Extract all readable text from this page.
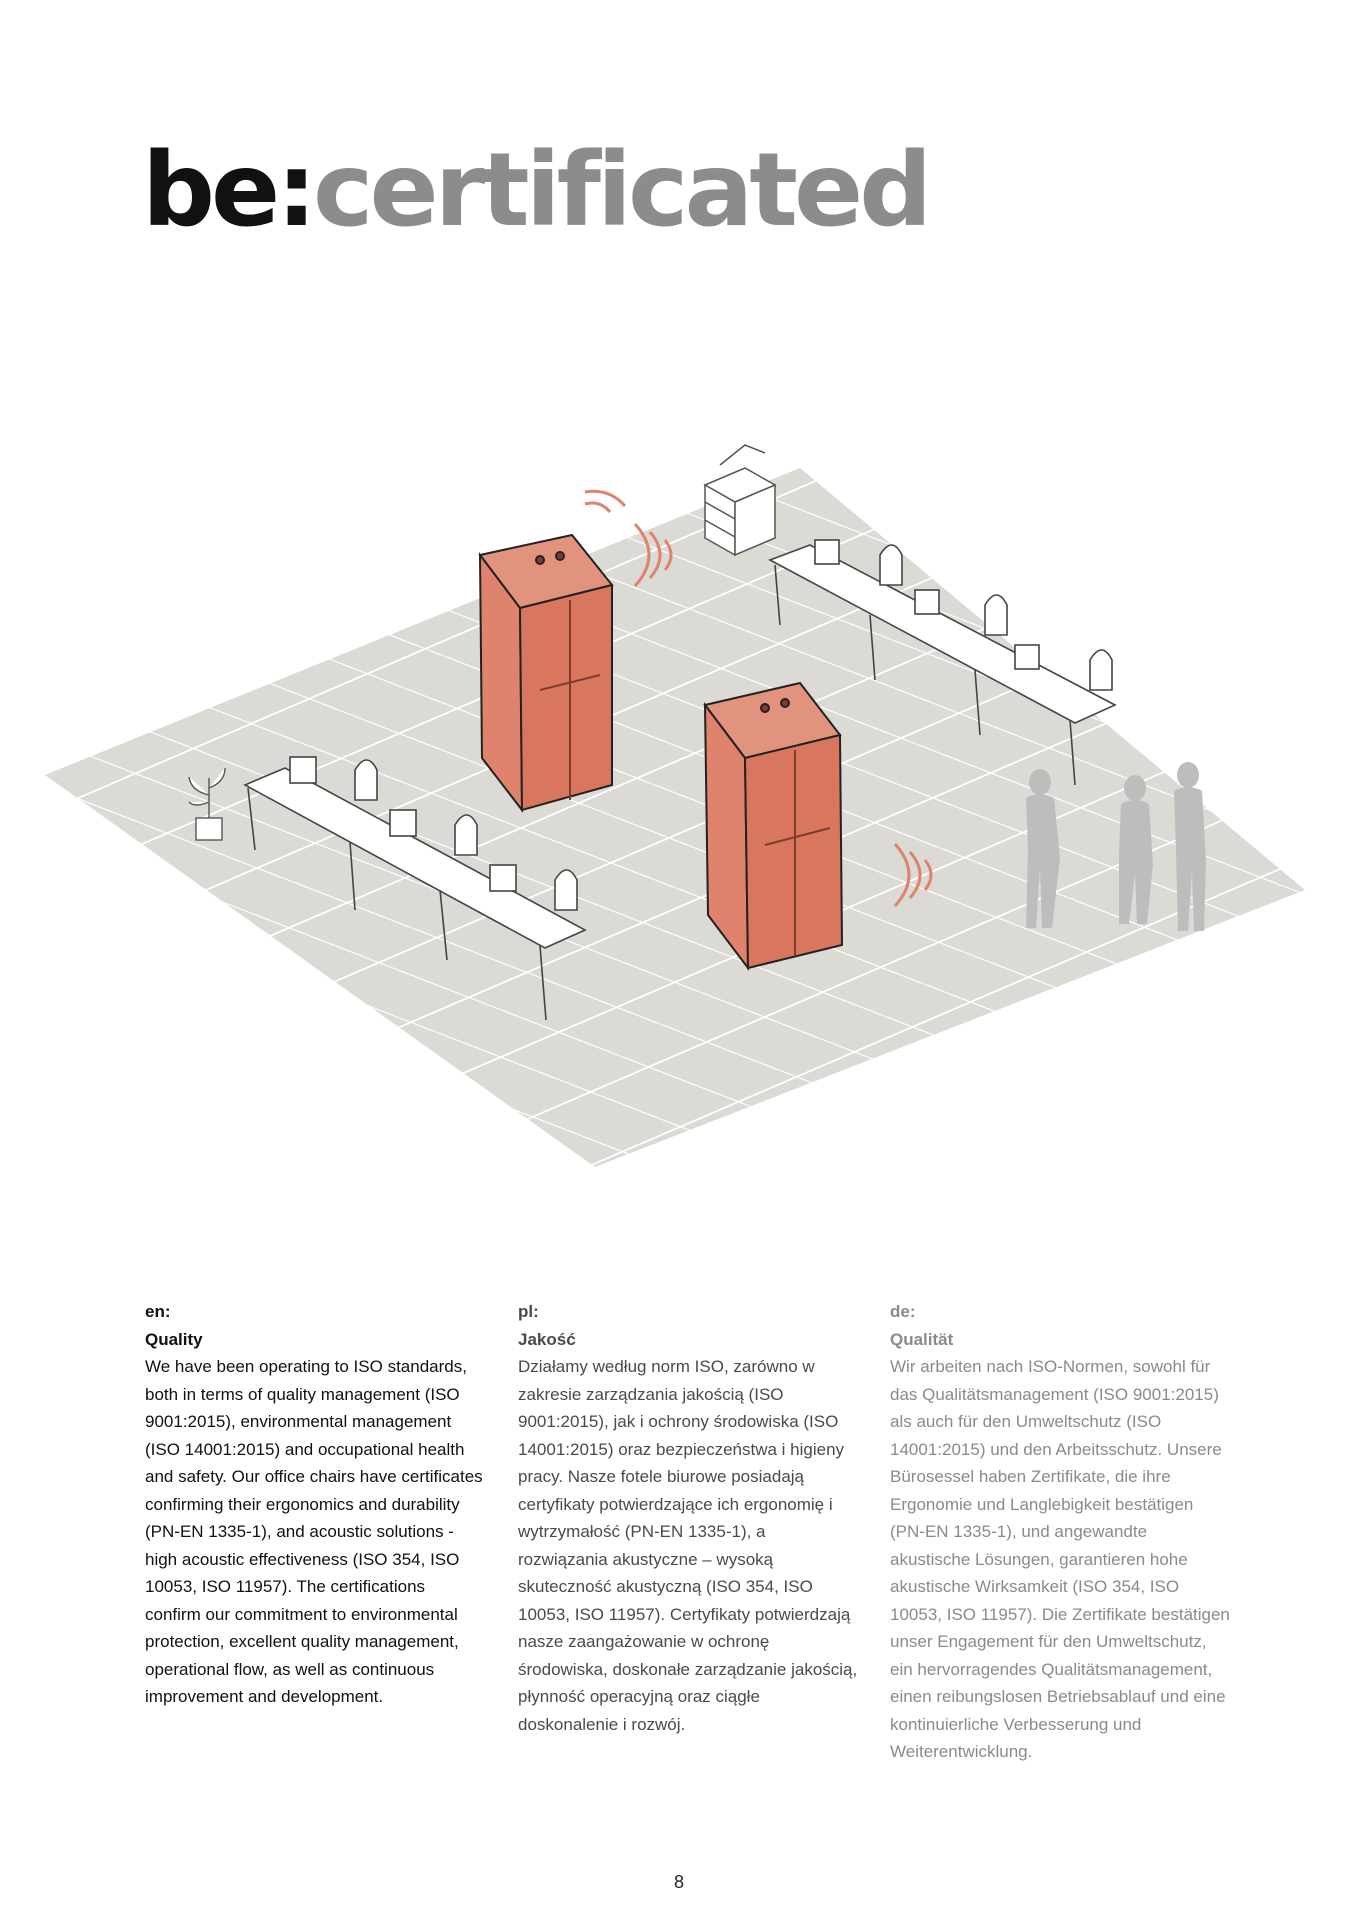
be:certificated
en:
Quality

We have been operating to ISO standards, both in terms of quality management (ISO 9001:2015), environmental management (ISO 14001:2015) and occupational health and safety. Our office chairs have certificates confirming their ergonomics and durability (PN-EN 1335-1), and acoustic solutions - high acoustic effectiveness (ISO 354, ISO 10053, ISO 11957). The certifications confirm our commitment to environmental protection, excellent quality management, operational flow, as well as continuous improvement and development.

pl:
Jakość

Działamy według norm ISO, zarówno w zakresie zarządzania jakością (ISO 9001:2015), jak i ochrony środowiska (ISO 14001:2015) oraz bezpieczeństwa i higieny pracy. Nasze fotele biurowe posiadają certyfikaty potwierdzające ich ergonomię i wytrzymałość (PN-EN 1335-1), a rozwiązania akustyczne – wysoką skuteczność akustyczną (ISO 354, ISO 10053, ISO 11957). Certyfikaty potwierdzają nasze zaangażowanie w ochronę środowiska, doskonałe zarządzanie jakością, płynność operacyjną oraz ciągłe doskonalenie i rozwój.

de:
Qualität

Wir arbeiten nach ISO-Normen, sowohl für das Qualitätsmanagement (ISO 9001:2015) als auch für den Umweltschutz (ISO 14001:2015) und den Arbeitsschutz. Unsere Bürosessel haben Zertifikate, die ihre Ergonomie und Langlebigkeit bestätigen (PN-EN 1335-1), und angewandte akustische Lösungen, garantieren hohe akustische Wirksamkeit (ISO 354, ISO 10053, ISO 11957). Die Zertifikate bestätigen unser Engagement für den Umweltschutz, ein hervorragendes Qualitätsmanagement, einen reibungslosen Betriebsablauf und eine kontinuierliche Verbesserung und Weiterentwicklung.

8
